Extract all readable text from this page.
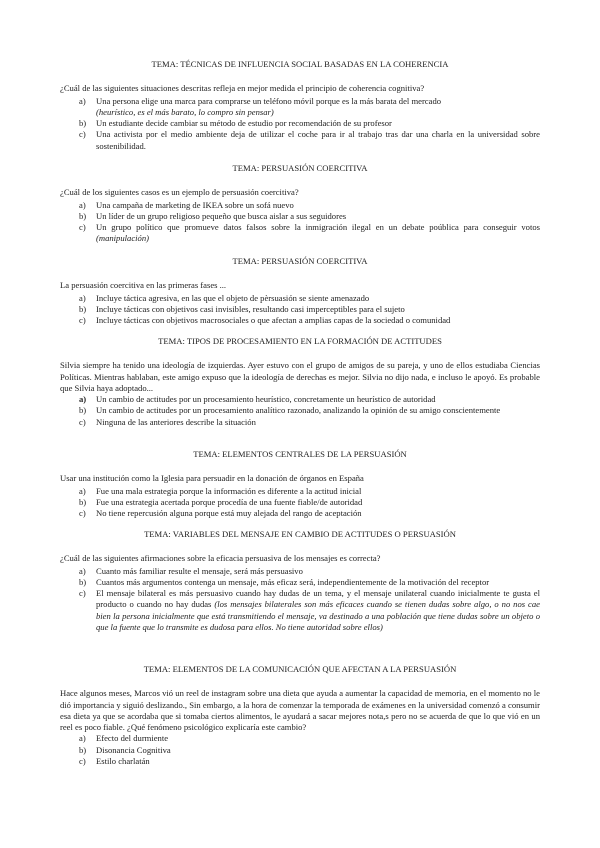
TEMA: TÉCNICAS DE INFLUENCIA SOCIAL BASADAS EN LA COHERENCIA
¿Cuál de las siguientes situaciones descritas refleja en mejor medida el principio de coherencia cognitiva?
a) Una persona elige una marca para comprarse un teléfono móvil porque es la más barata del mercado
(heurístico, es el más barato, lo compro sin pensar)
b) Un estudiante decide cambiar su método de estudio por recomendación de su profesor
c) Una activista por el medio ambiente deja de utilizar el coche para ir al trabajo tras dar una charla en la universidad sobre sostenibilidad.
TEMA: PERSUASIÓN COERCITIVA
¿Cuál de los siguientes casos es un ejemplo de persuasión coercitiva?
a) Una campaña de marketing de IKEA sobre un sofá nuevo
b) Un líder de un grupo religioso pequeño que busca aislar a sus seguidores
c) Un grupo político que promueve datos falsos sobre la inmigración ilegal en un debate poública para conseguir votos (manipulación)
TEMA: PERSUASIÓN COERCITIVA
La persuasión coercitiva en las primeras fases ...
a) Incluye táctica agresiva, en las que el objeto de pèrsuasión se siente amenazado
b) Incluye tácticas con objetivos casi invisibles, resultando casi imperceptibles para el sujeto
c) Incluye tácticas con objetivos macrosociales o que afectan a amplias capas de la sociedad o comunidad
TEMA: TIPOS DE PROCESAMIENTO EN LA FORMACIÓN DE ACTITUDES
Silvia siempre ha tenido una ideología de izquierdas. Ayer estuvo con el grupo de amigos de su pareja, y uno de ellos estudiaba Ciencias Políticas. Mientras hablaban, este amigo expuso que la ideología de derechas es mejor. Silvia no dijo nada, e incluso le apoyó. Es probable que Silvia haya adoptado...
a) Un cambio de actitudes por un procesamiento heurístico, concretamente un heurístico de autoridad
b) Un cambio de actitudes por un procesamiento analítico razonado, analizando la opinión de su amigo conscientemente
c) Ninguna de las anteriores describe la situación
TEMA: ELEMENTOS CENTRALES DE LA PERSUASIÓN
Usar una institución como la Iglesia para persuadir en la donación de órganos en España
a) Fue una mala estrategia porque la información es diferente a la actitud inicial
b) Fue una estrategia acertada porque procedía de una fuente fiable/de autoridad
c) No tiene repercusión alguna porque está muy alejada del rango de aceptación
TEMA: VARIABLES DEL MENSAJE EN CAMBIO DE ACTITUDES O PERSUASIÓN
¿Cuál de las siguientes afirmaciones sobre la eficacia persuasiva de los mensajes es correcta?
a) Cuanto más familiar resulte el mensaje, será más persuasivo
b) Cuantos más argumentos contenga un mensaje, más eficaz será, independientemente de la motivación del receptor
c) El mensaje bilateral es más persuasivo cuando hay dudas de un tema, y el mensaje unilateral cuando inicialmente te gusta el producto o cuando no hay dudas (los mensajes bilaterales son más eficaces cuando se tienen dudas sobre algo, o no nos cae bien la persona inicialmente que está transmitiendo el mensaje, va destinado a una población que tiene dudas sobre un objeto o que la fuente que lo transmite es dudosa para ellos. No tiene autoridad sobre ellos)
TEMA: ELEMENTOS DE LA COMUNICACIÓN QUE AFECTAN A LA PERSUASIÓN
Hace algunos meses, Marcos vió un reel de instagram sobre una dieta que ayuda a aumentar la capacidad de memoria, en el momento no le dió importancia y siguió deslizando., Sin embargo, a la hora de comenzar la temporada de exámenes en la universidad comenzó a consumir esa dieta ya que se acordaba que si tomaba ciertos alimentos, le ayudará a sacar mejores nota,s pero no se acuerda de que lo que vió en un reel es poco fiable. ¿Qué fenómeno psicológico explicaría este cambio?
a) Efecto del durmiente
b) Disonancia Cognitiva
c) Estilo charlatán
